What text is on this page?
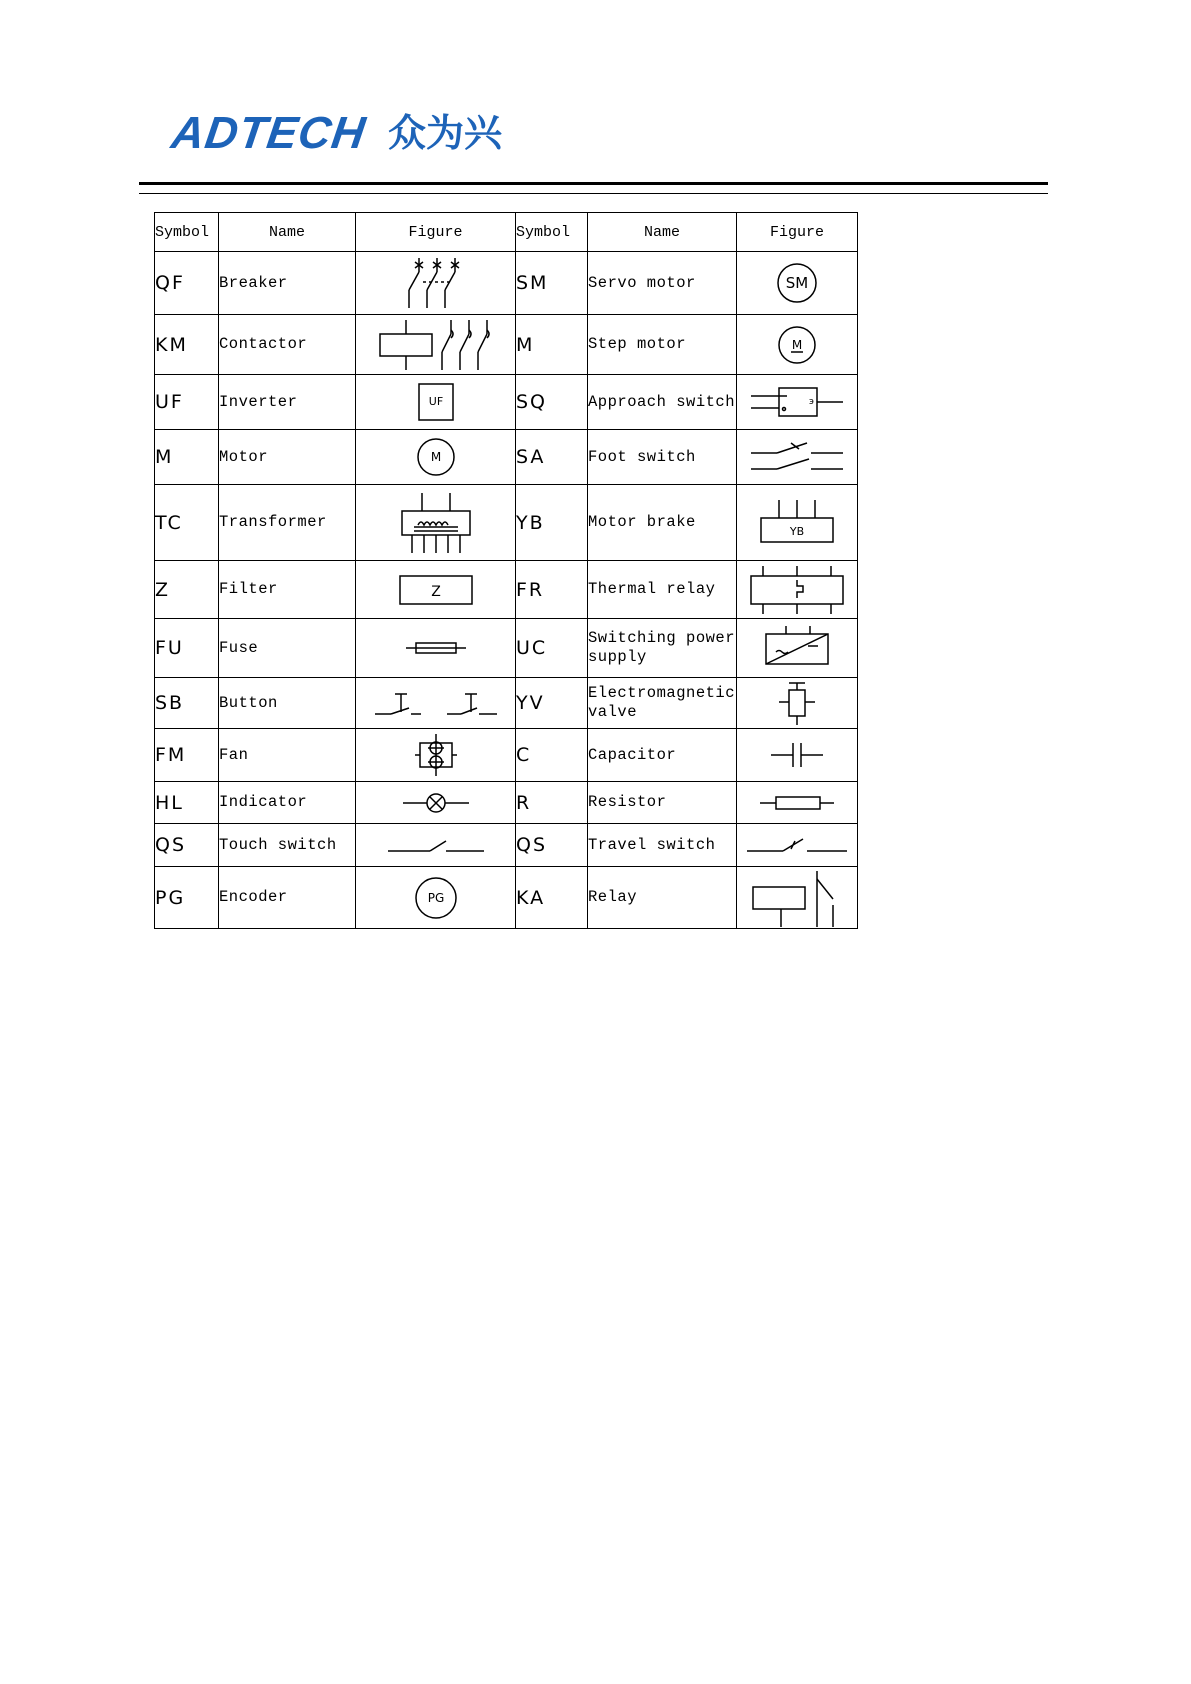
ADTECH 众为兴
Symbol	Name	Figure	Symbol	Name	Figure
QF	Breaker		SM	Servo motor	SM

KM	Contactor		M	Step motor	M

UF	Inverter	UF	SQ	Approach switch	э

M	Motor	M	SA	Foot switch	

TC	Transformer		YB	Motor brake	YB

Z	Filter	Z	FR	Thermal relay	

FU	Fuse		UC	Switching power supply	

SB	Button		YV	Electromagnetic valve	

FM	Fan		C	Capacitor	

HL	Indicator		R	Resistor	

QS	Touch switch		QS	Travel switch	

PG	Encoder	PG	KA	Relay	
